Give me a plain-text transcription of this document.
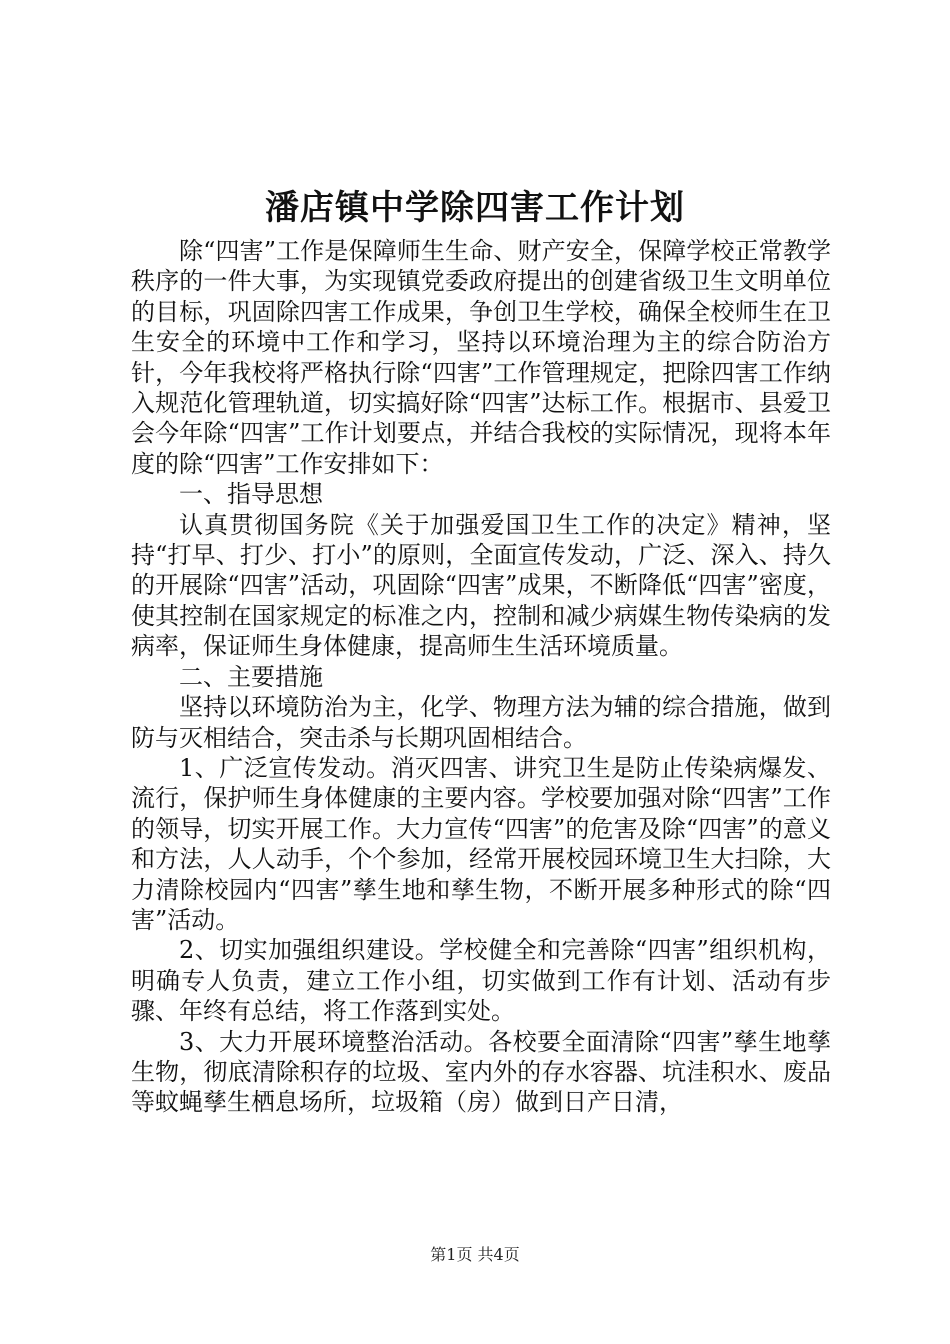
潘店镇中学除四害工作计划

除“四害”工作是保障师生生命、财产安全，保障学校正常教学秩序的一件大事，为实现镇党委政府提出的创建省级卫生文明单位的目标，巩固除四害工作成果，争创卫生学校，确保全校师生在卫生安全的环境中工作和学习，坚持以环境治理为主的综合防治方针，今年我校将严格执行除“四害”工作管理规定，把除四害工作纳入规范化管理轨道，切实搞好除“四害”达标工作。根据市、县爱卫会今年除“四害”工作计划要点，并结合我校的实际情况，现将本年度的除“四害”工作安排如下：

一、指导思想

认真贯彻国务院《关于加强爱国卫生工作的决定》精神，坚持“打早、打少、打小”的原则，全面宣传发动，广泛、深入、持久的开展除“四害”活动，巩固除“四害”成果，不断降低“四害”密度，使其控制在国家规定的标准之内，控制和减少病媒生物传染病的发病率，保证师生身体健康，提高师生生活环境质量。

二、主要措施

坚持以环境防治为主，化学、物理方法为辅的综合措施，做到防与灭相结合，突击杀与长期巩固相结合。

1、广泛宣传发动。消灭四害、讲究卫生是防止传染病爆发、流行，保护师生身体健康的主要内容。学校要加强对除“四害”工作的领导，切实开展工作。大力宣传“四害”的危害及除“四害”的意义和方法，人人动手，个个参加，经常开展校园环境卫生大扫除，大力清除校园内“四害”孳生地和孳生物，不断开展多种形式的除“四害”活动。

2、切实加强组织建设。学校健全和完善除“四害”组织机构，明确专人负责，建立工作小组，切实做到工作有计划、活动有步骤、年终有总结，将工作落到实处。

3、大力开展环境整治活动。各校要全面清除“四害”孳生地孳生物，彻底清除积存的垃圾、室内外的存水容器、坑洼积水、废品等蚊蝇孳生栖息场所，垃圾箱（房）做到日产日清，

第1页 共4页
